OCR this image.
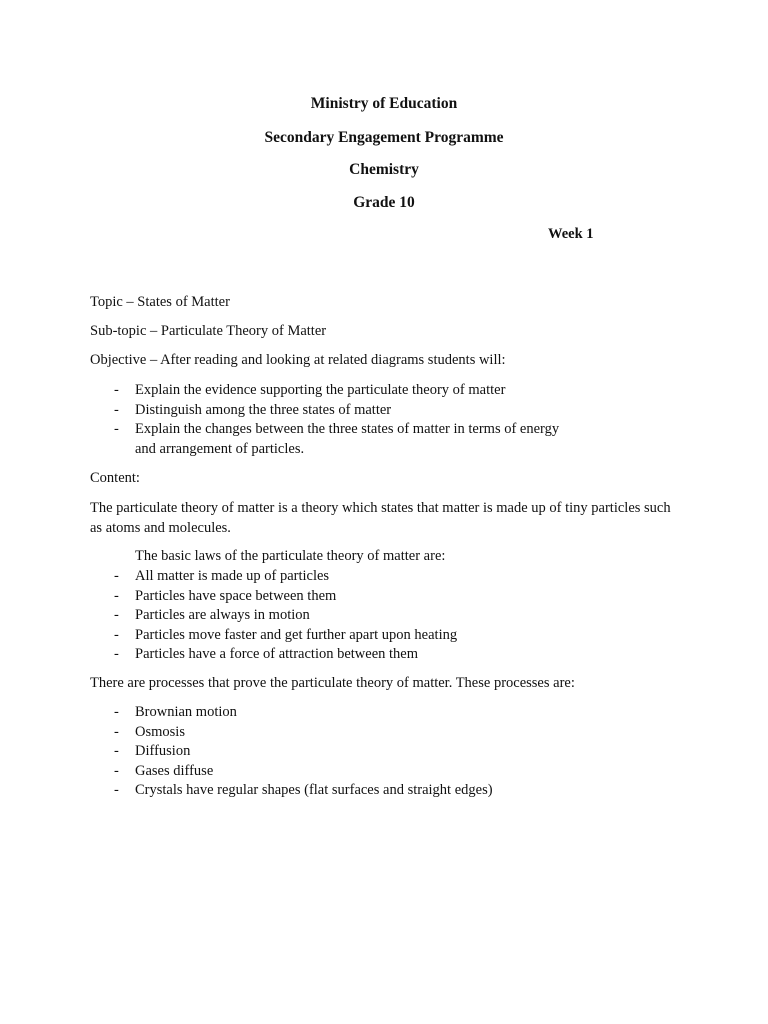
Ministry of Education
Secondary Engagement Programme
Chemistry
Grade 10

Week 1

Topic – States of Matter

Sub-topic – Particulate Theory of Matter

Objective – After reading and looking at related diagrams students will:

- Explain the evidence supporting the particulate theory of matter
- Distinguish among the three states of matter
- Explain the changes between the three states of matter in terms of energy and arrangement of particles.

Content:

The particulate theory of matter is a theory which states that matter is made up of tiny particles such as atoms and molecules.

The basic laws of the particulate theory of matter are:

- All matter is made up of particles
- Particles have space between them
- Particles are always in motion
- Particles move faster and get further apart upon heating
- Particles have a force of attraction between them

There are processes that prove the particulate theory of matter. These processes are:

- Brownian motion
- Osmosis
- Diffusion
- Gases diffuse
- Crystals have regular shapes (flat surfaces and straight edges)
